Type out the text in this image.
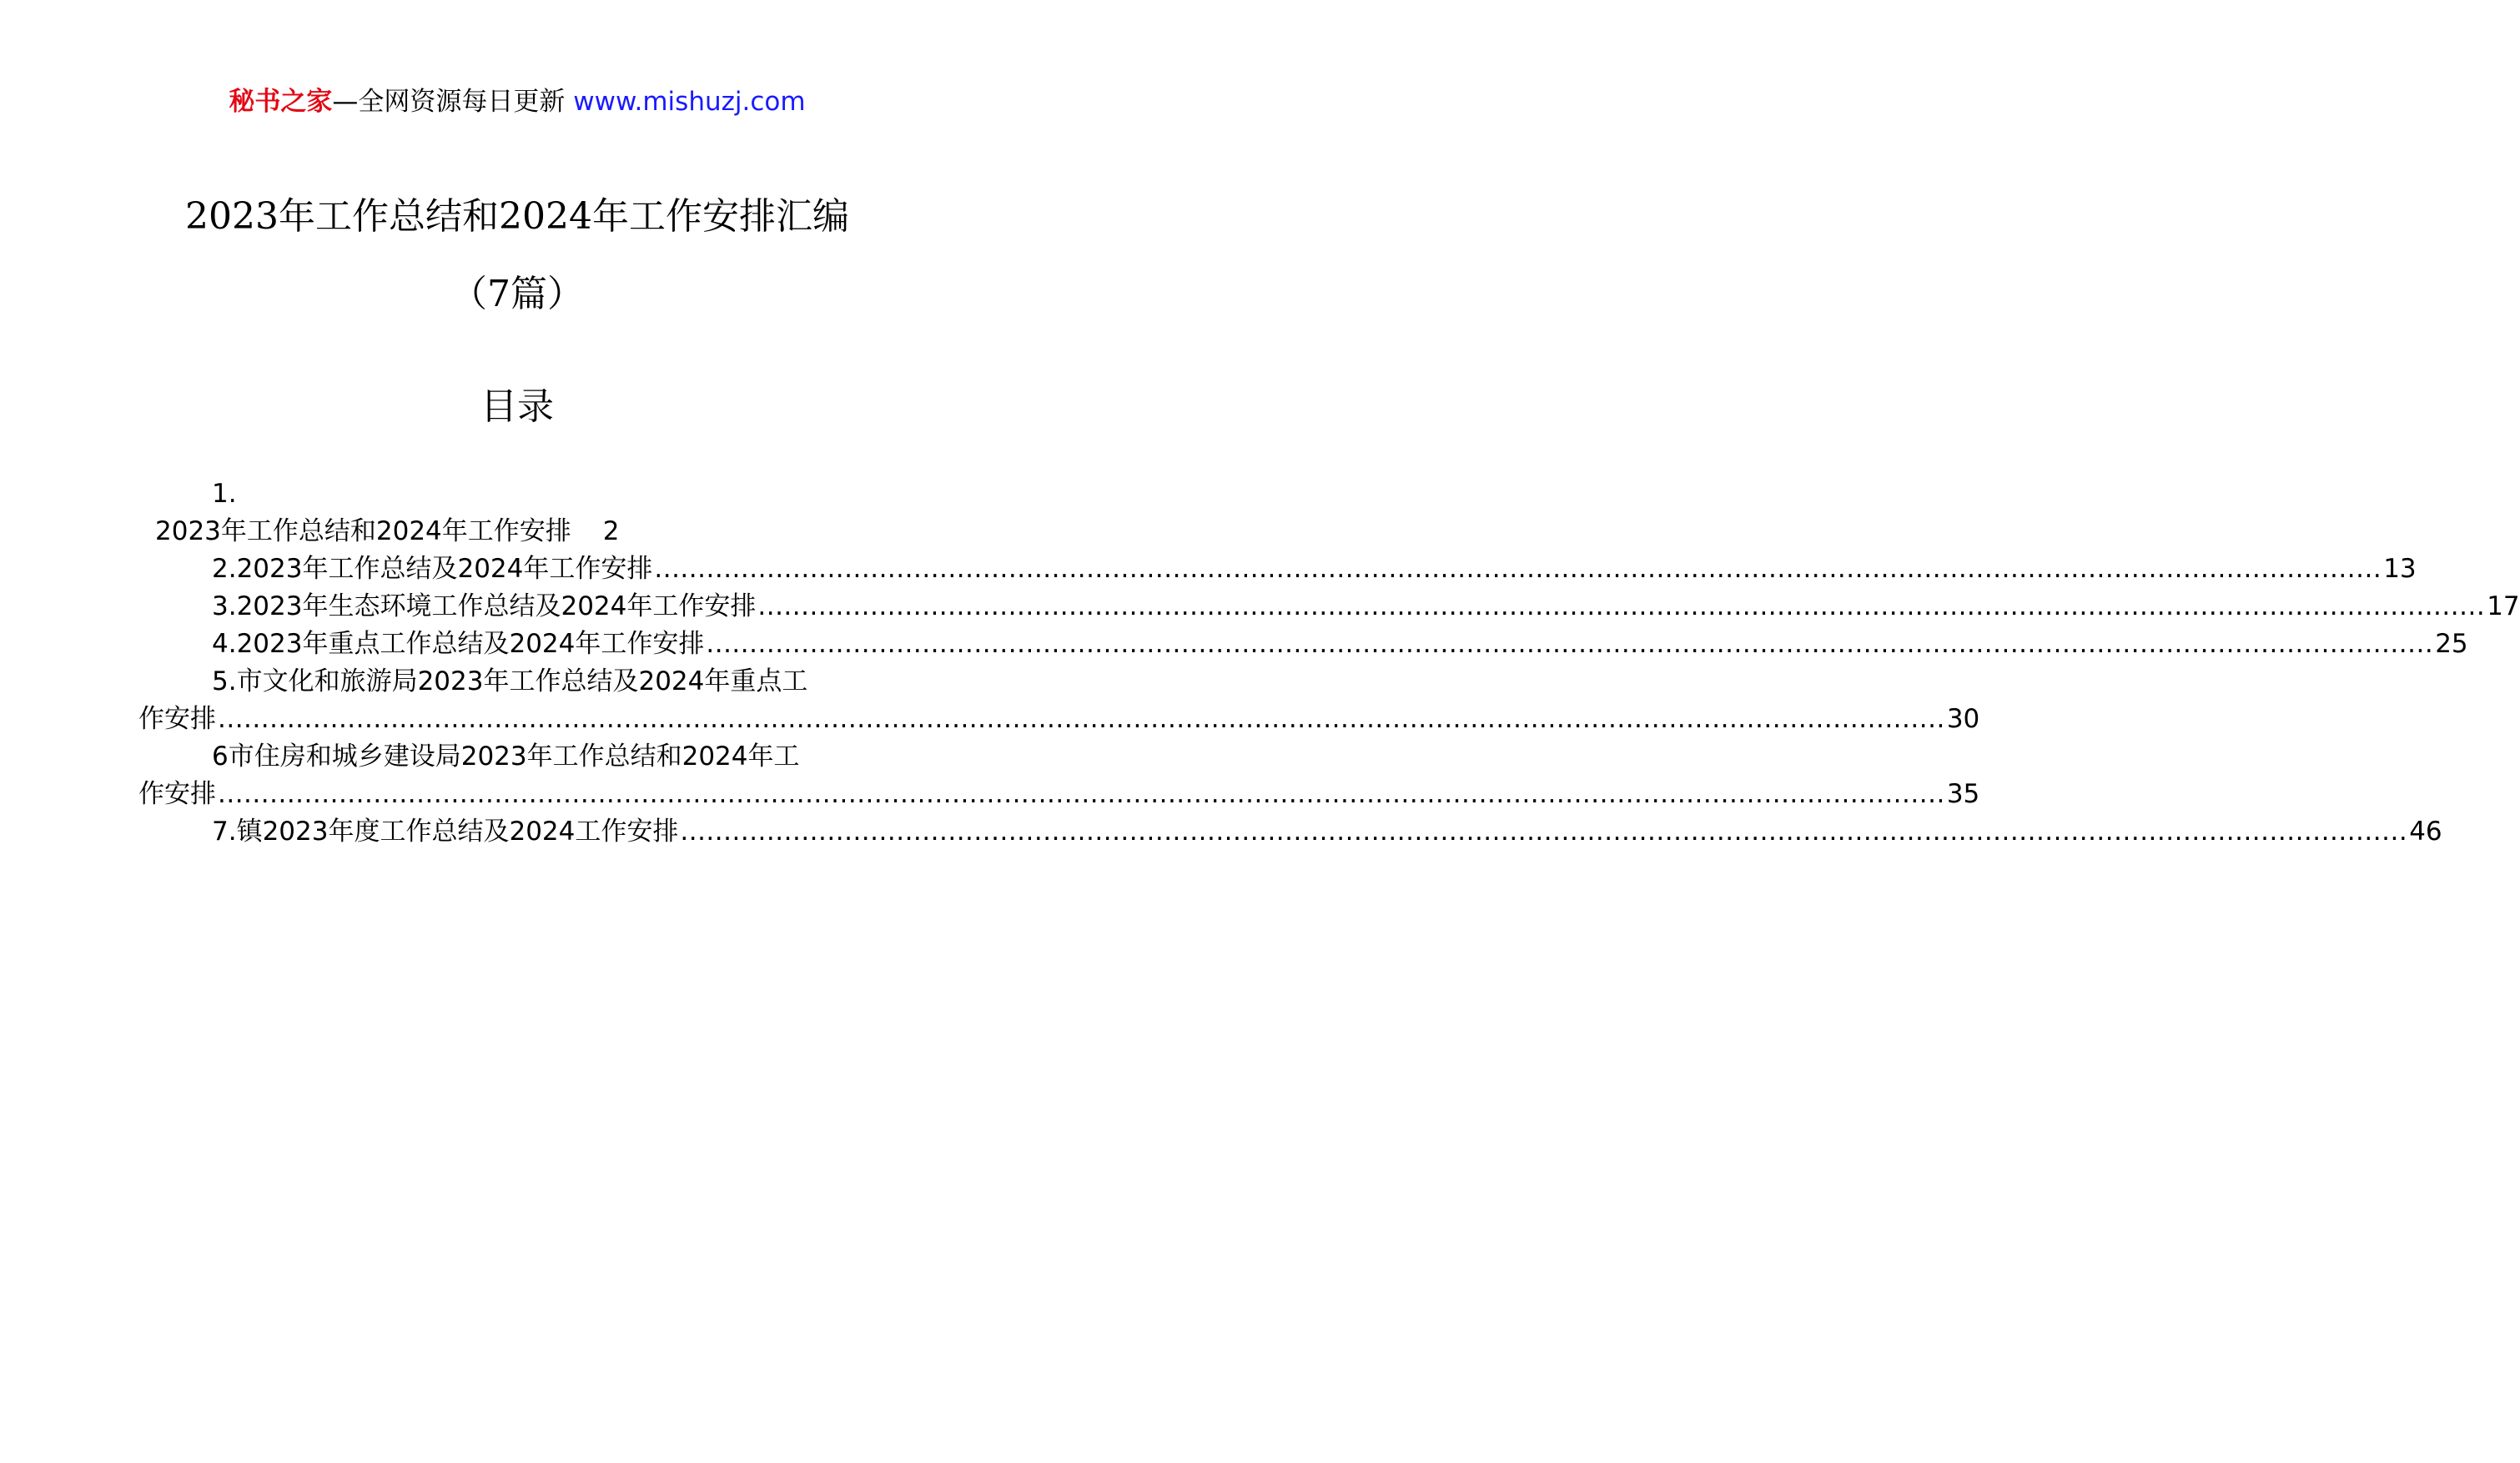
秘书之家—全网资源每日更新 www.mishuzj.com
2023年工作总结和2024年工作安排汇编
（7篇）
目录
1.
2023年工作总结和2024年工作安排 2
2.2023年工作总结及2024年工作安排 ........................................................................................................................................................................................................ 13
3.2023年生态环境工作总结及2024年工作安排 ........................................................................................................................................................................................................ 17
4.2023年重点工作总结及2024年工作安排 ........................................................................................................................................................................................................ 25
5.市文化和旅游局2023年工作总结及2024年重点工
作安排 ........................................................................................................................................................................................................ 30
6市住房和城乡建设局2023年工作总结和2024年工
作安排 ........................................................................................................................................................................................................ 35
7.镇2023年度工作总结及2024工作安排 ........................................................................................................................................................................................................ 46
